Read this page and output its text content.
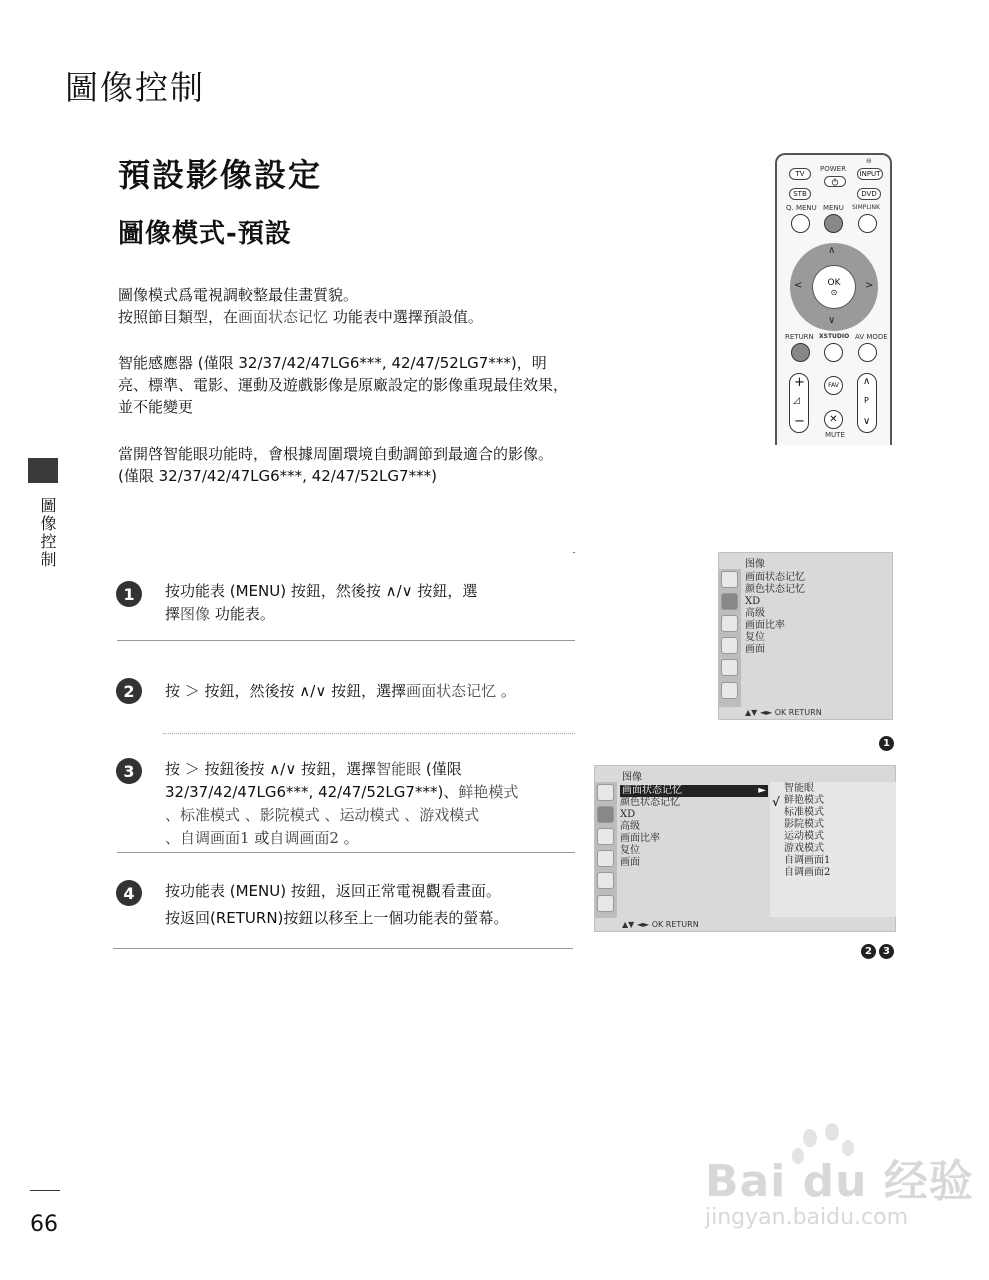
圖像控制
預設影像設定
圖像模式-預設
圖像模式爲電視調較整最佳畫質貌。
按照節目類型，在画面状态记忆 功能表中選擇預設值。
智能感應器 (僅限 32/37/42/47LG6***, 42/47/52LG7***)，明亮、標準、電影、運動及遊戲影像是原廠設定的影像重現最佳效果，並不能變更
當開啓智能眼功能時，會根據周圍環境自動調節到最適合的影像。(僅限 32/37/42/47LG6***, 42/47/52LG7***)
圖像控制
TV
POWER
⊖
INPUT
STB	DVD
Q. MENU MENU SIMPLINK
OK
⊙
∧
∨
<	>
RETURN XSTUDIO AV MODE
+
◿
−
FAV
✕
MUTE
∧
P
∨
1	按功能表 (MENU) 按鈕，然後按 ∧/∨ 按鈕，選
擇图像 功能表。
2	按 ＞ 按鈕，然後按 ∧/∨ 按鈕，選擇画面状态记忆 。
3	按 ＞ 按鈕後按 ∧/∨ 按鈕，選擇智能眼 (僅限
32/37/42/47LG6***, 42/47/52LG7***)、鲜艳模式
、标准模式 、影院模式 、运动模式 、游戏模式
、自调画面1 或自调画面2 。
4	按功能表 (MENU) 按鈕，返回正常電視觀看畫面。
按返回(RETURN)按鈕以移至上一個功能表的螢幕。
图像
画面状态记忆
颜色状态记忆
XD
高级
画面比率
复位
画面
▲▼ ◄► OK RETURN
1
图像
画面状态记忆	►
颜色状态记忆
XD
高级
画面比率
复位
画面
智能眼
√ 鲜艳模式
标准模式
影院模式
运动模式
游戏模式
自调画面1
自调画面2
▲▼ ◄► OK RETURN
2	3
66
Bai du 经验
jingyan.baidu.com
